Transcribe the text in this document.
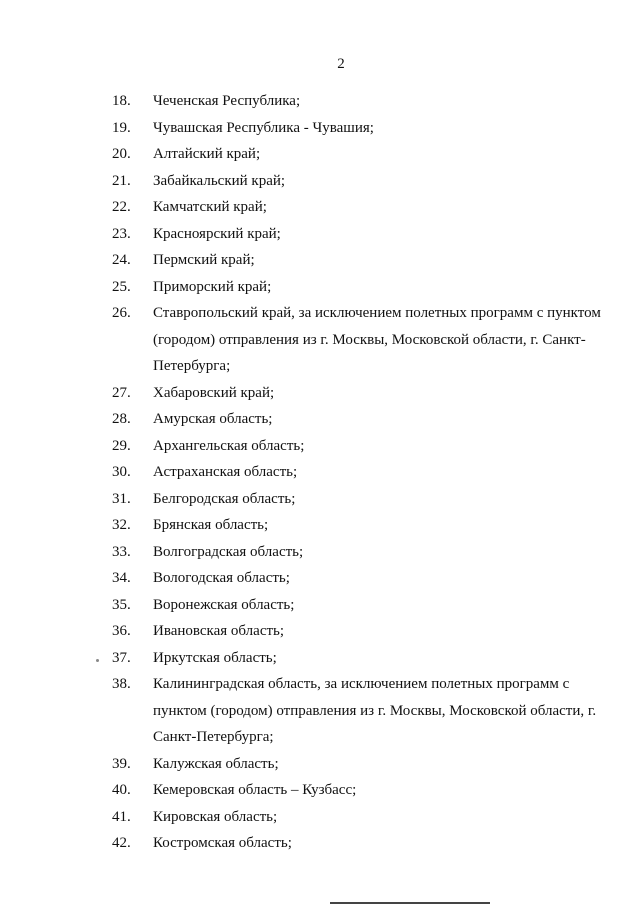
2
18.	Чеченская Республика;
19.	Чувашская Республика - Чувашия;
20.	Алтайский край;
21.	Забайкальский край;
22.	Камчатский край;
23.	Красноярский край;
24.	Пермский край;
25.	Приморский край;
26.	Ставропольский край, за исключением полетных программ с пунктом
(городом) отправления из г. Москвы, Московской области, г. Санкт-
Петербурга;
27.	Хабаровский край;
28.	Амурская область;
29.	Архангельская область;
30.	Астраханская область;
31.	Белгородская область;
32.	Брянская область;
33.	Волгоградская область;
34.	Вологодская область;
35.	Воронежская область;
36.	Ивановская область;
37.	Иркутская область;
38.	Калининградская область, за исключением полетных программ с
пунктом (городом) отправления из г. Москвы, Московской области, г.
Санкт-Петербурга;
39.	Калужская область;
40.	Кемеровская область – Кузбасс;
41.	Кировская область;
42.	Костромская область;
